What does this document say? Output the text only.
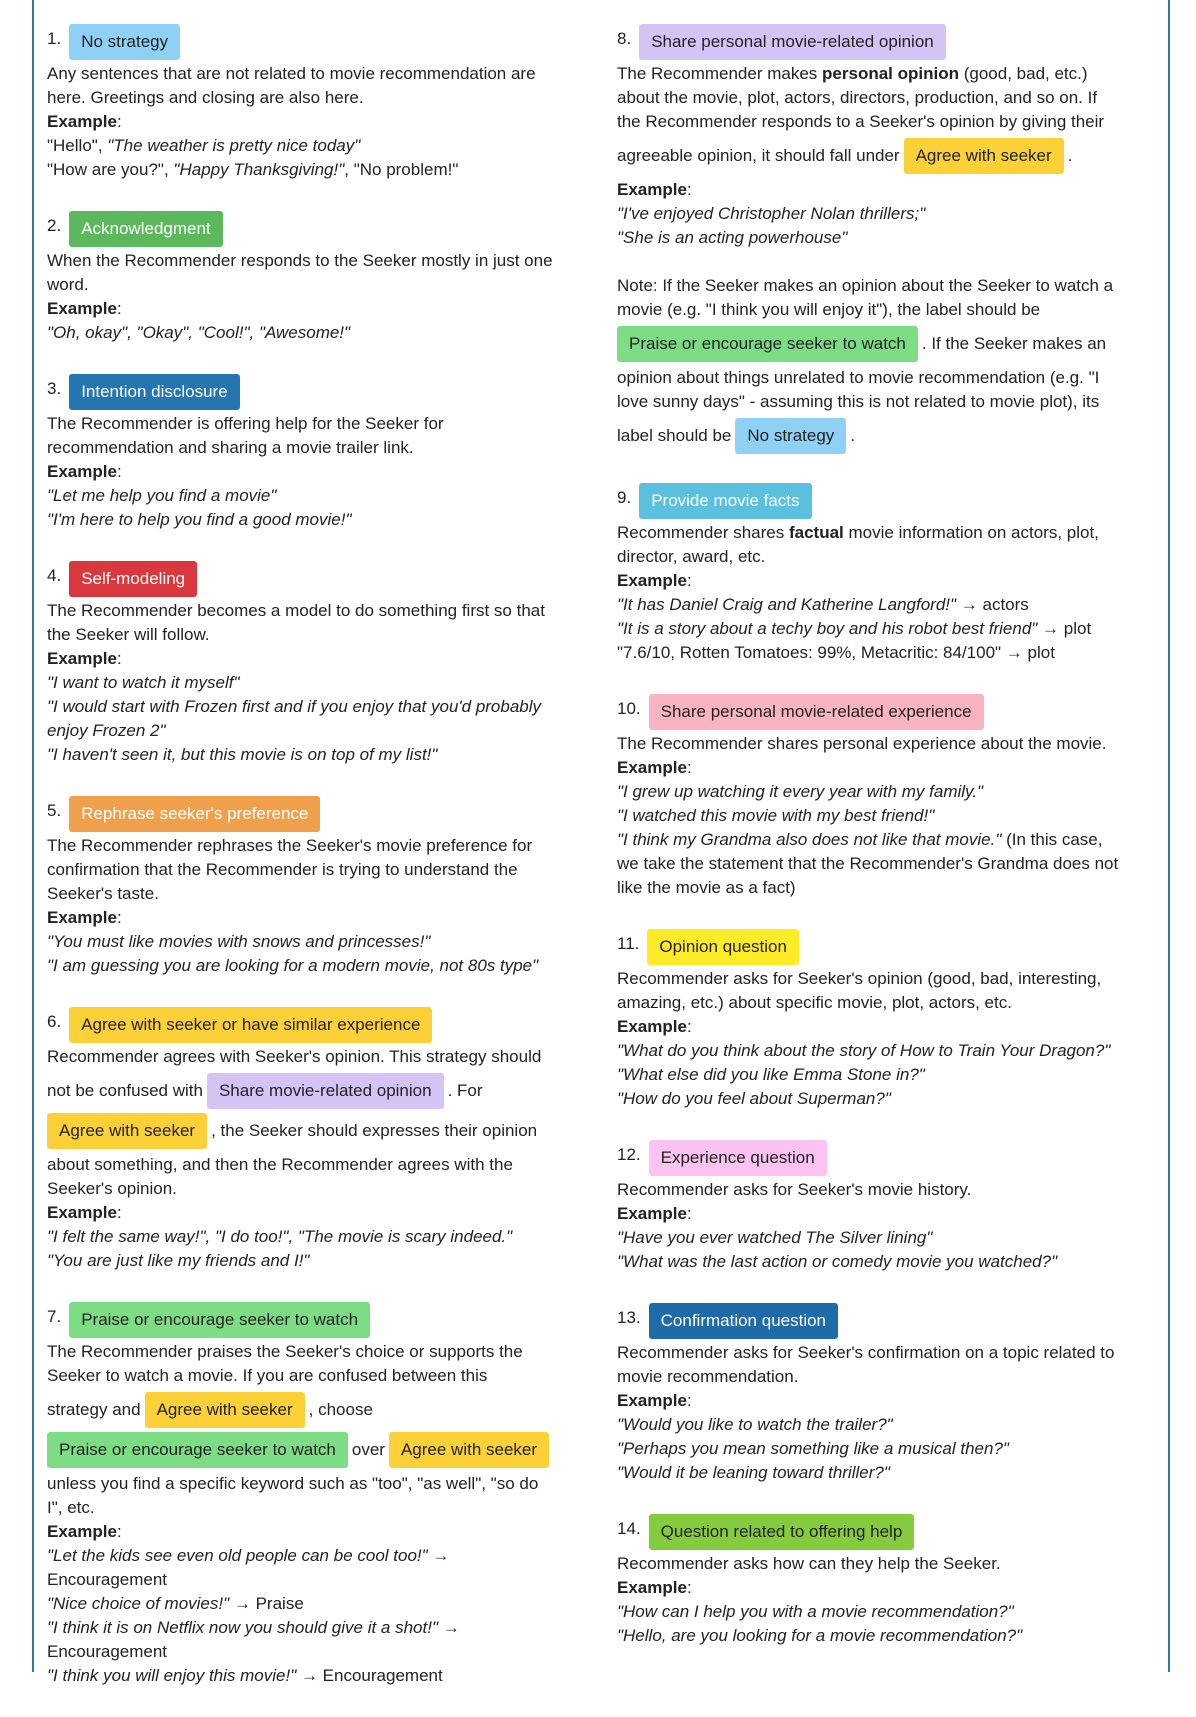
1.	No strategy
Any sentences that are not related to movie recommendation are
here. Greetings and closing are also here.
Example:
"Hello", "The weather is pretty nice today"
"How are you?", "Happy Thanksgiving!", "No problem!"
2.	Acknowledgment
When the Recommender responds to the Seeker mostly in just one
word.
Example:
"Oh, okay", "Okay", "Cool!", "Awesome!"
3.	Intention disclosure
The Recommender is offering help for the Seeker for
recommendation and sharing a movie trailer link.
Example:
"Let me help you find a movie"
"I'm here to help you find a good movie!"
4.	Self-modeling
The Recommender becomes a model to do something first so that
the Seeker will follow.
Example:
"I want to watch it myself"
"I would start with Frozen first and if you enjoy that you'd probably
enjoy Frozen 2"
"I haven't seen it, but this movie is on top of my list!"
5.	Rephrase seeker's preference
The Recommender rephrases the Seeker's movie preference for
confirmation that the Recommender is trying to understand the
Seeker's taste.
Example:
"You must like movies with snows and princesses!"
"I am guessing you are looking for a modern movie, not 80s type"
6.	Agree with seeker or have similar experience
Recommender agrees with Seeker's opinion. This strategy should
not be confused with Share movie-related opinion . For
Agree with seeker , the Seeker should expresses their opinion
about something, and then the Recommender agrees with the
Seeker's opinion.
Example:
"I felt the same way!", "I do too!", "The movie is scary indeed."
"You are just like my friends and I!"
7.	Praise or encourage seeker to watch
The Recommender praises the Seeker's choice or supports the
Seeker to watch a movie. If you are confused between this
strategy and Agree with seeker , choose
Praise or encourage seeker to watch over Agree with seeker
unless you find a specific keyword such as "too", "as well", "so do
I", etc.
Example:
"Let the kids see even old people can be cool too!" →
Encouragement
"Nice choice of movies!" → Praise
"I think it is on Netflix now you should give it a shot!" →
Encouragement
"I think you will enjoy this movie!" → Encouragement
8.	Share personal movie-related opinion
The Recommender makes personal opinion (good, bad, etc.)
about the movie, plot, actors, directors, production, and so on. If
the Recommender responds to a Seeker's opinion by giving their
agreeable opinion, it should fall under Agree with seeker .
Example:
"I've enjoyed Christopher Nolan thrillers;"
"She is an acting powerhouse"
Note: If the Seeker makes an opinion about the Seeker to watch a
movie (e.g. "I think you will enjoy it"), the label should be
Praise or encourage seeker to watch . If the Seeker makes an
opinion about things unrelated to movie recommendation (e.g. "I
love sunny days" - assuming this is not related to movie plot), its
label should be No strategy .
9.	Provide movie facts
Recommender shares factual movie information on actors, plot,
director, award, etc.
Example:
"It has Daniel Craig and Katherine Langford!" → actors
"It is a story about a techy boy and his robot best friend" → plot
"7.6/10, Rotten Tomatoes: 99%, Metacritic: 84/100" → plot
10.	Share personal movie-related experience
The Recommender shares personal experience about the movie.
Example:
"I grew up watching it every year with my family."
"I watched this movie with my best friend!"
"I think my Grandma also does not like that movie." (In this case,
we take the statement that the Recommender's Grandma does not
like the movie as a fact)
11.	Opinion question
Recommender asks for Seeker's opinion (good, bad, interesting,
amazing, etc.) about specific movie, plot, actors, etc.
Example:
"What do you think about the story of How to Train Your Dragon?"
"What else did you like Emma Stone in?"
"How do you feel about Superman?"
12.	Experience question
Recommender asks for Seeker's movie history.
Example:
"Have you ever watched The Silver lining"
"What was the last action or comedy movie you watched?"
13.	Confirmation question
Recommender asks for Seeker's confirmation on a topic related to
movie recommendation.
Example:
"Would you like to watch the trailer?"
"Perhaps you mean something like a musical then?"
"Would it be leaning toward thriller?"
14.	Question related to offering help
Recommender asks how can they help the Seeker.
Example:
"How can I help you with a movie recommendation?"
"Hello, are you looking for a movie recommendation?"
